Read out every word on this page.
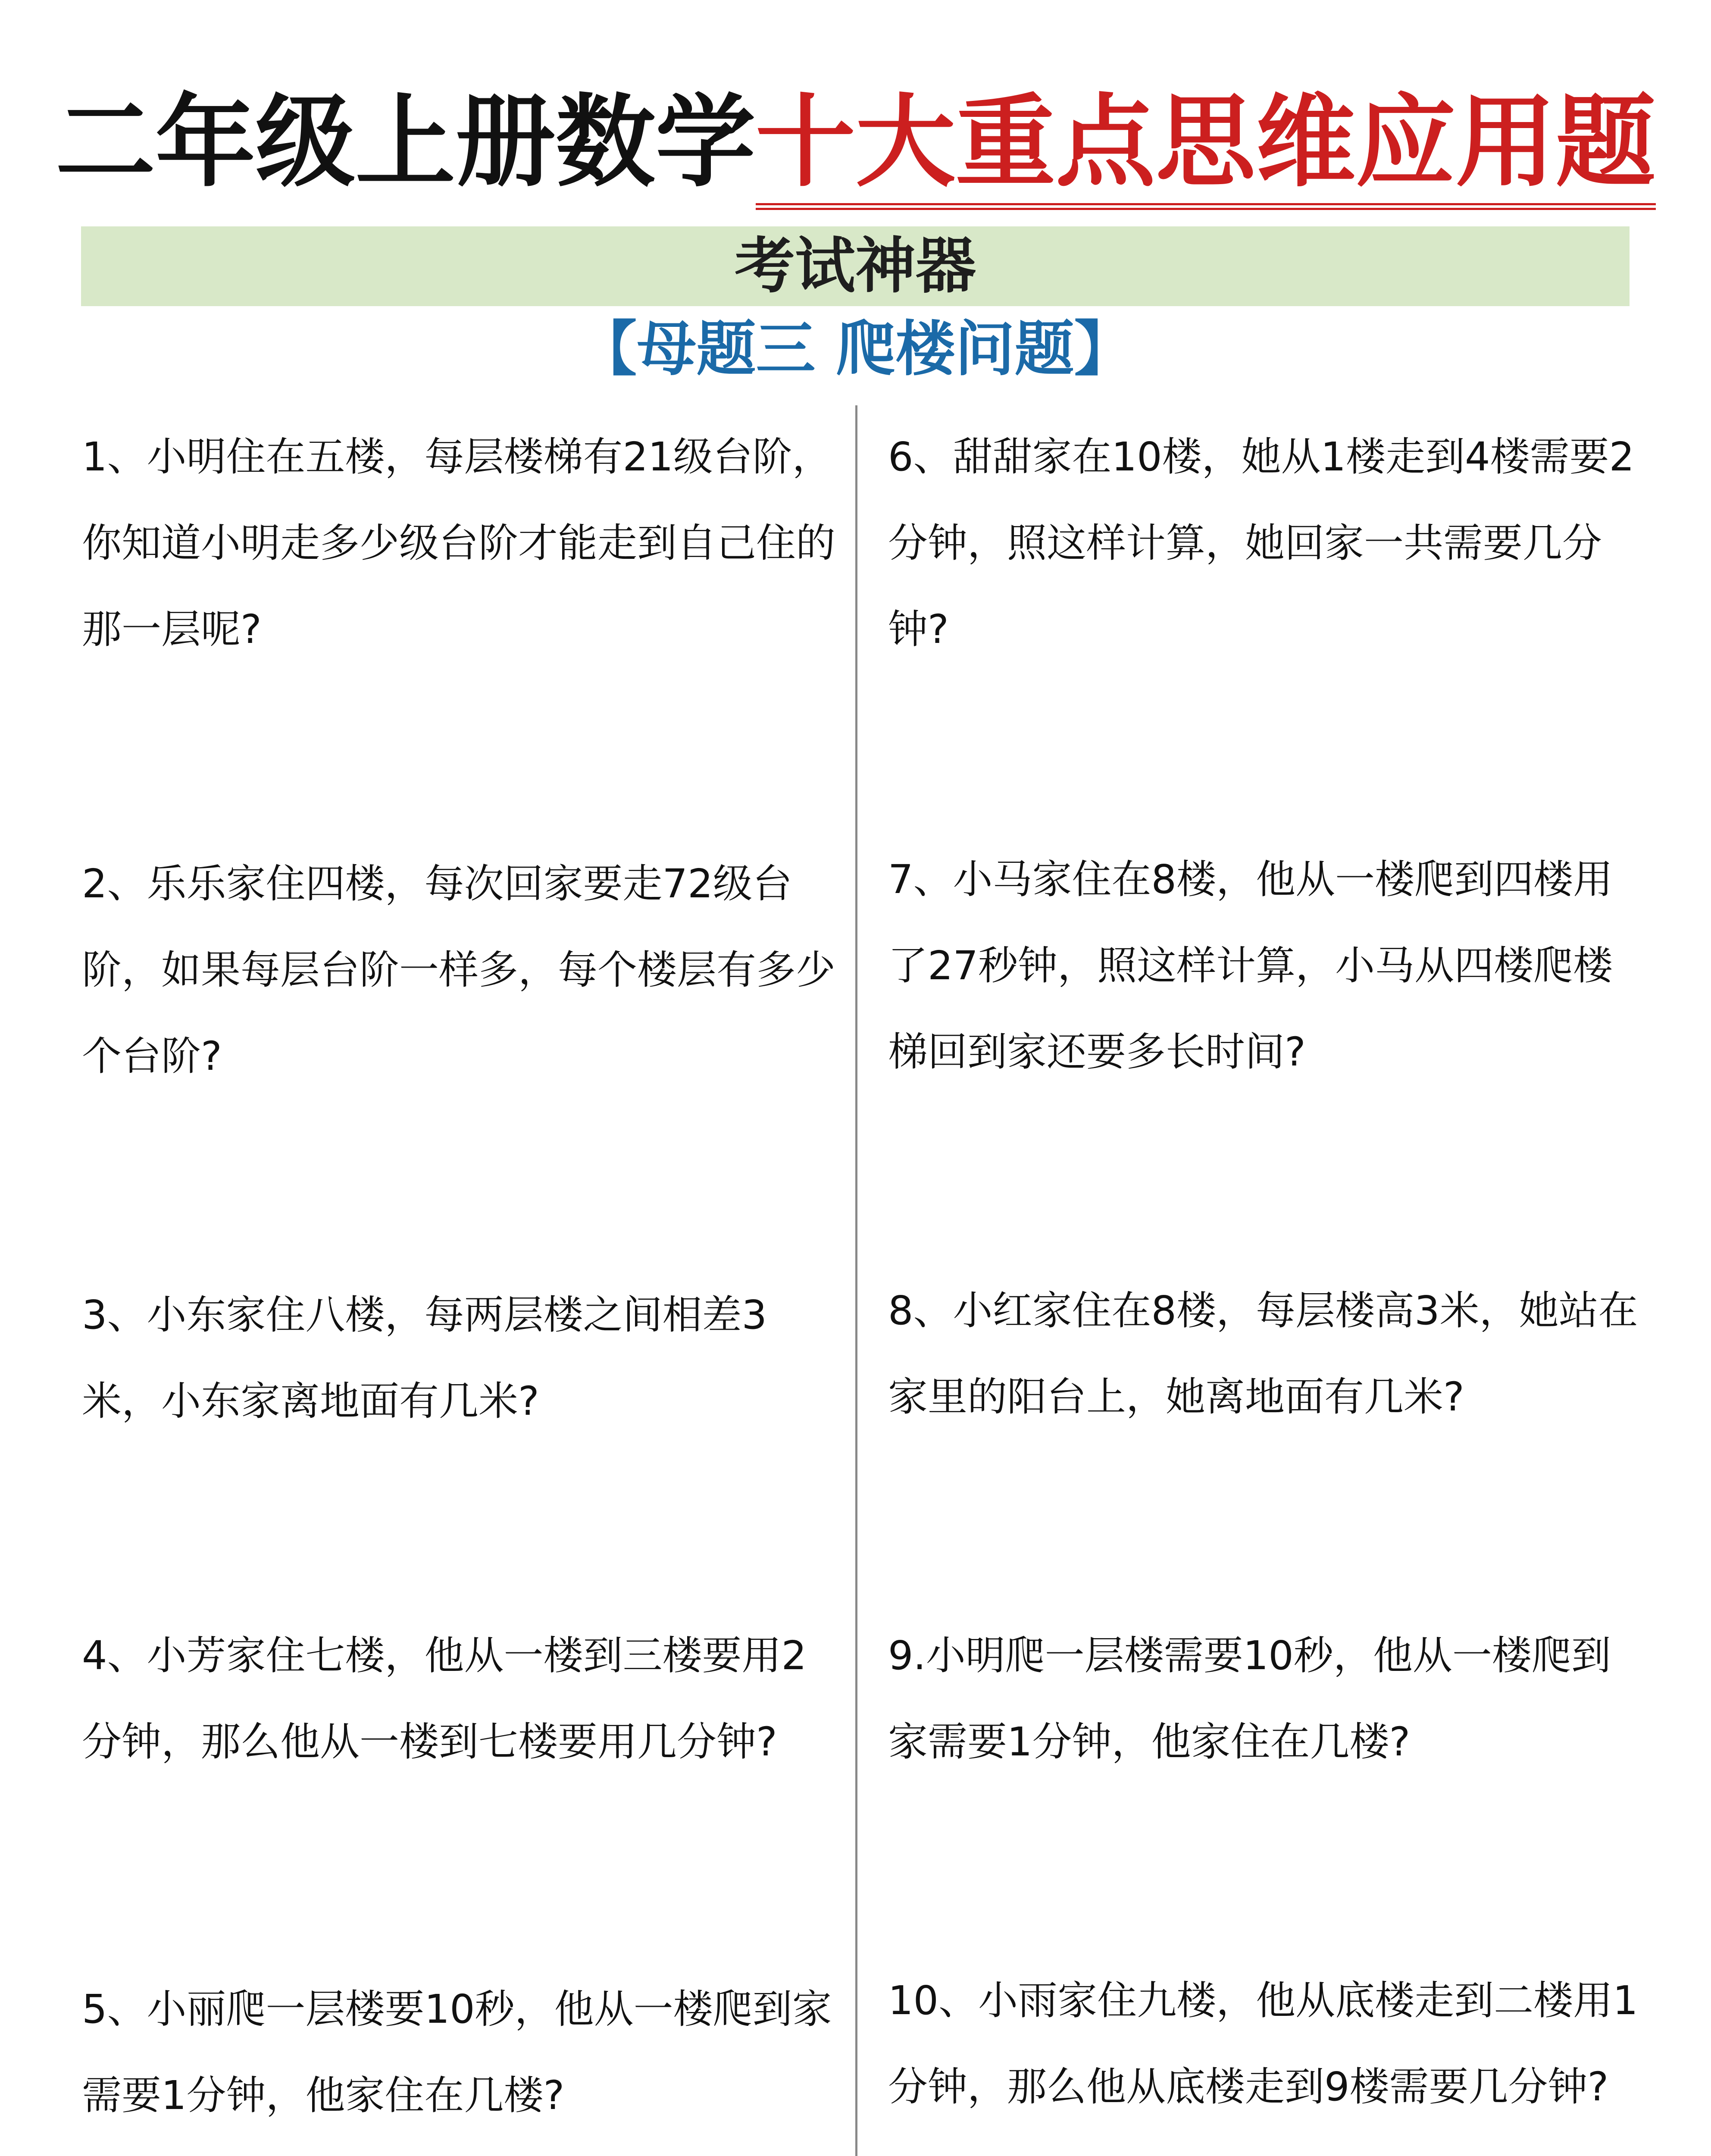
二年级上册数学十大重点思维应用题
考试神器
【母题三 爬楼问题】
1、小明住在五楼，每层楼梯有21级台阶，你知道小明走多少级台阶才能走到自己住的那一层呢?
2、乐乐家住四楼，每次回家要走72级台阶，如果每层台阶一样多，每个楼层有多少个台阶?
3、小东家住八楼，每两层楼之间相差3米，小东家离地面有几米?
4、小芳家住七楼，他从一楼到三楼要用2分钟，那么他从一楼到七楼要用几分钟?
5、小丽爬一层楼要10秒，他从一楼爬到家需要1分钟，他家住在几楼?
6、甜甜家在10楼，她从1楼走到4楼需要2分钟，照这样计算，她回家一共需要几分钟?
7、小马家住在8楼，他从一楼爬到四楼用了27秒钟，照这样计算，小马从四楼爬楼梯回到家还要多长时间?
8、小红家住在8楼，每层楼高3米，她站在家里的阳台上，她离地面有几米?
9.小明爬一层楼需要10秒，他从一楼爬到家需要1分钟，他家住在几楼?
10、小雨家住九楼，他从底楼走到二楼用1分钟，那么他从底楼走到9楼需要几分钟?
